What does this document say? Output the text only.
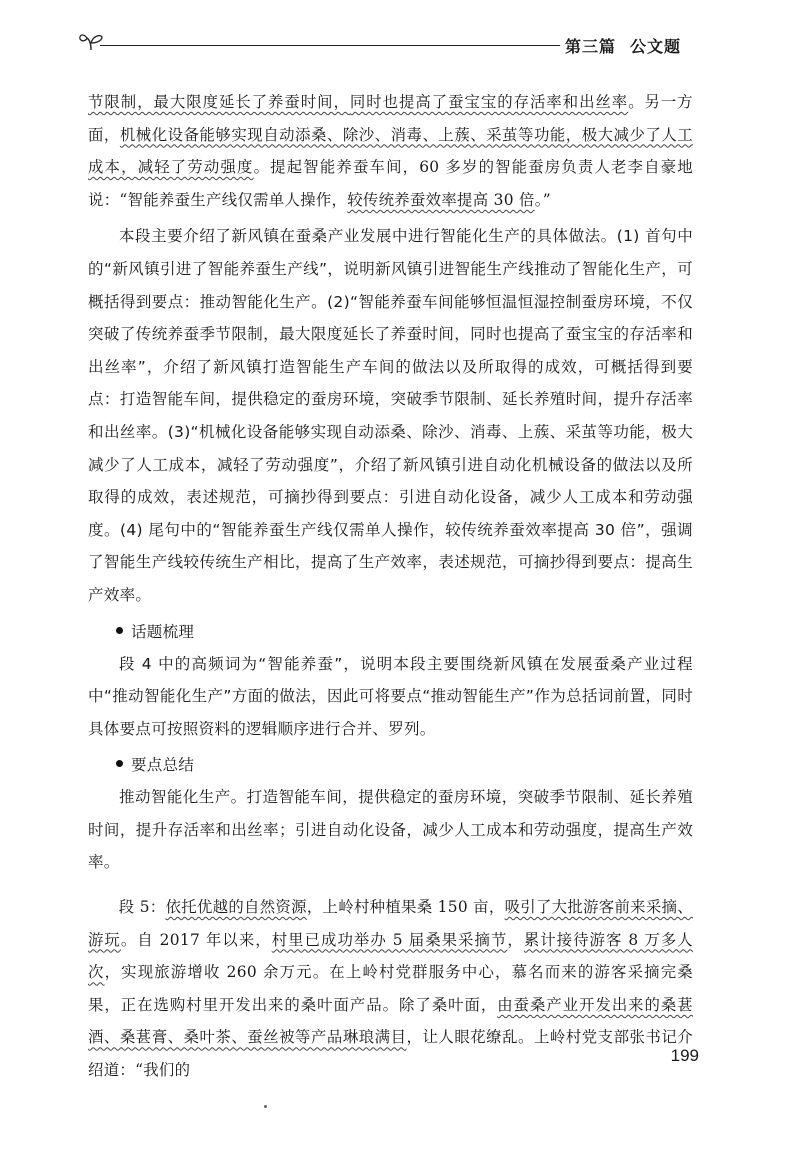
第三篇 公文题

节限制，最大限度延长了养蚕时间，同时也提高了蚕宝宝的存活率和出丝率。另一方面，机械化设备能够实现自动添桑、除沙、消毒、上蔟、采茧等功能，极大减少了人工成本，减轻了劳动强度。提起智能养蚕车间，60 多岁的智能蚕房负责人老李自豪地说：“智能养蚕生产线仅需单人操作，较传统养蚕效率提高 30 倍。”

本段主要介绍了新风镇在蚕桑产业发展中进行智能化生产的具体做法。(1) 首句中的“新风镇引进了智能养蚕生产线”，说明新风镇引进智能生产线推动了智能化生产，可概括得到要点：推动智能化生产。(2)“智能养蚕车间能够恒温恒湿控制蚕房环境，不仅突破了传统养蚕季节限制，最大限度延长了养蚕时间，同时也提高了蚕宝宝的存活率和出丝率”，介绍了新风镇打造智能生产车间的做法以及所取得的成效，可概括得到要点：打造智能车间，提供稳定的蚕房环境，突破季节限制、延长养殖时间，提升存活率和出丝率。(3)“机械化设备能够实现自动添桑、除沙、消毒、上蔟、采茧等功能，极大减少了人工成本，减轻了劳动强度”，介绍了新风镇引进自动化机械设备的做法以及所取得的成效，表述规范，可摘抄得到要点：引进自动化设备，减少人工成本和劳动强度。(4) 尾句中的“智能养蚕生产线仅需单人操作，较传统养蚕效率提高 30 倍”，强调了智能生产线较传统生产相比，提高了生产效率，表述规范，可摘抄得到要点：提高生产效率。

话题梳理

段 4 中的高频词为“智能养蚕”，说明本段主要围绕新风镇在发展蚕桑产业过程中“推动智能化生产”方面的做法，因此可将要点“推动智能生产”作为总括词前置，同时具体要点可按照资料的逻辑顺序进行合并、罗列。

要点总结

推动智能化生产。打造智能车间，提供稳定的蚕房环境，突破季节限制、延长养殖时间，提升存活率和出丝率；引进自动化设备，减少人工成本和劳动强度，提高生产效率。

段 5：依托优越的自然资源，上岭村种植果桑 150 亩，吸引了大批游客前来采摘、游玩。自 2017 年以来，村里已成功举办 5 届桑果采摘节，累计接待游客 8 万多人次，实现旅游增收 260 余万元。在上岭村党群服务中心，慕名而来的游客采摘完桑果，正在选购村里开发出来的桑叶面产品。除了桑叶面，由蚕桑产业开发出来的桑葚酒、桑葚膏、桑叶茶、蚕丝被等产品琳琅满目，让人眼花缭乱。上岭村党支部张书记介绍道：“我们的

199
